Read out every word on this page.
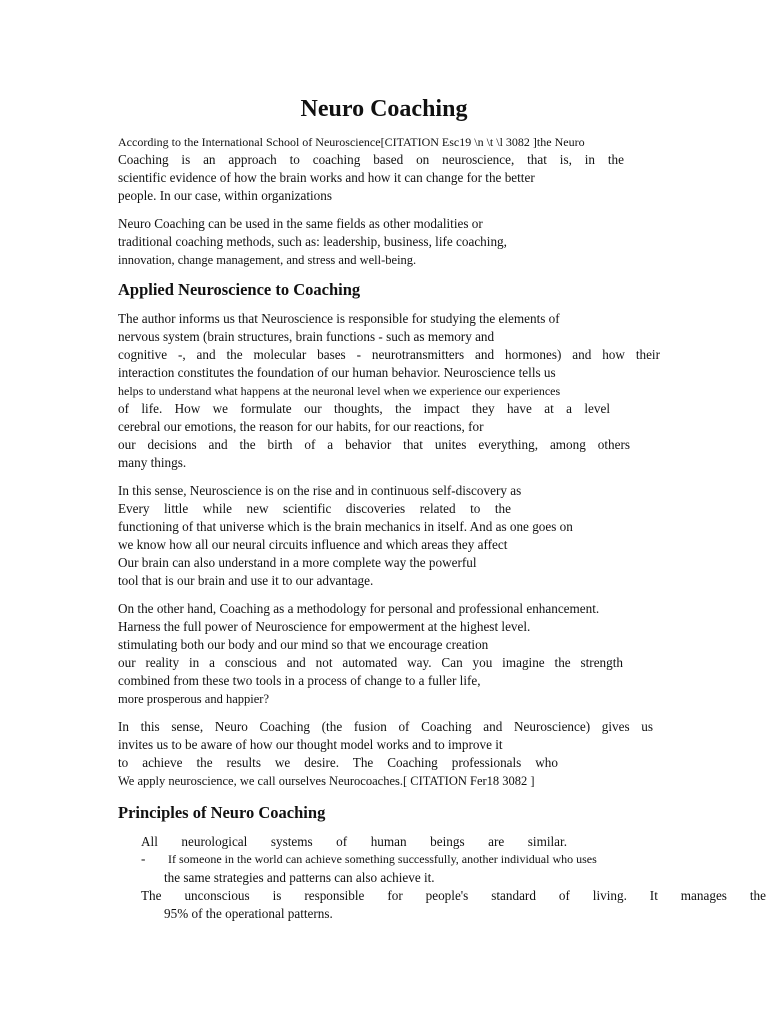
Neuro Coaching

According to the International School of Neuroscience[CITATION Esc19 \n \t \l 3082 ]the Neuro

Coaching is an approach to coaching based on neuroscience, that is, in the

scientific evidence of how the brain works and how it can change for the better

people. In our case, within organizations

Neuro Coaching can be used in the same fields as other modalities or

traditional coaching methods, such as: leadership, business, life coaching,

innovation, change management, and stress and well-being.

Applied Neuroscience to Coaching

The author informs us that Neuroscience is responsible for studying the elements of

nervous system (brain structures, brain functions - such as memory and

cognitive -, and the molecular bases - neurotransmitters and hormones) and how their

interaction constitutes the foundation of our human behavior. Neuroscience tells us

helps to understand what happens at the neuronal level when we experience our experiences

of life. How we formulate our thoughts, the impact they have at a level

cerebral our emotions, the reason for our habits, for our reactions, for

our decisions and the birth of a behavior that unites everything, among others

many things.

In this sense, Neuroscience is on the rise and in continuous self-discovery as

Every little while new scientific discoveries related to the

functioning of that universe which is the brain mechanics in itself. And as one goes on

we know how all our neural circuits influence and which areas they affect

Our brain can also understand in a more complete way the powerful

tool that is our brain and use it to our advantage.

On the other hand, Coaching as a methodology for personal and professional enhancement.

Harness the full power of Neuroscience for empowerment at the highest level.

stimulating both our body and our mind so that we encourage creation

our reality in a conscious and not automated way. Can you imagine the strength

combined from these two tools in a process of change to a fuller life,

more prosperous and happier?

In this sense, Neuro Coaching (the fusion of Coaching and Neuroscience) gives us

invites us to be aware of how our thought model works and to improve it

to achieve the results we desire. The Coaching professionals who

We apply neuroscience, we call ourselves Neurocoaches.[ CITATION Fer18 3082 ]

Principles of Neuro Coaching

All neurological systems of human beings are similar.

- If someone in the world can achieve something successfully, another individual who uses

the same strategies and patterns can also achieve it.

The unconscious is responsible for people's standard of living. It manages the

95% of the operational patterns.
